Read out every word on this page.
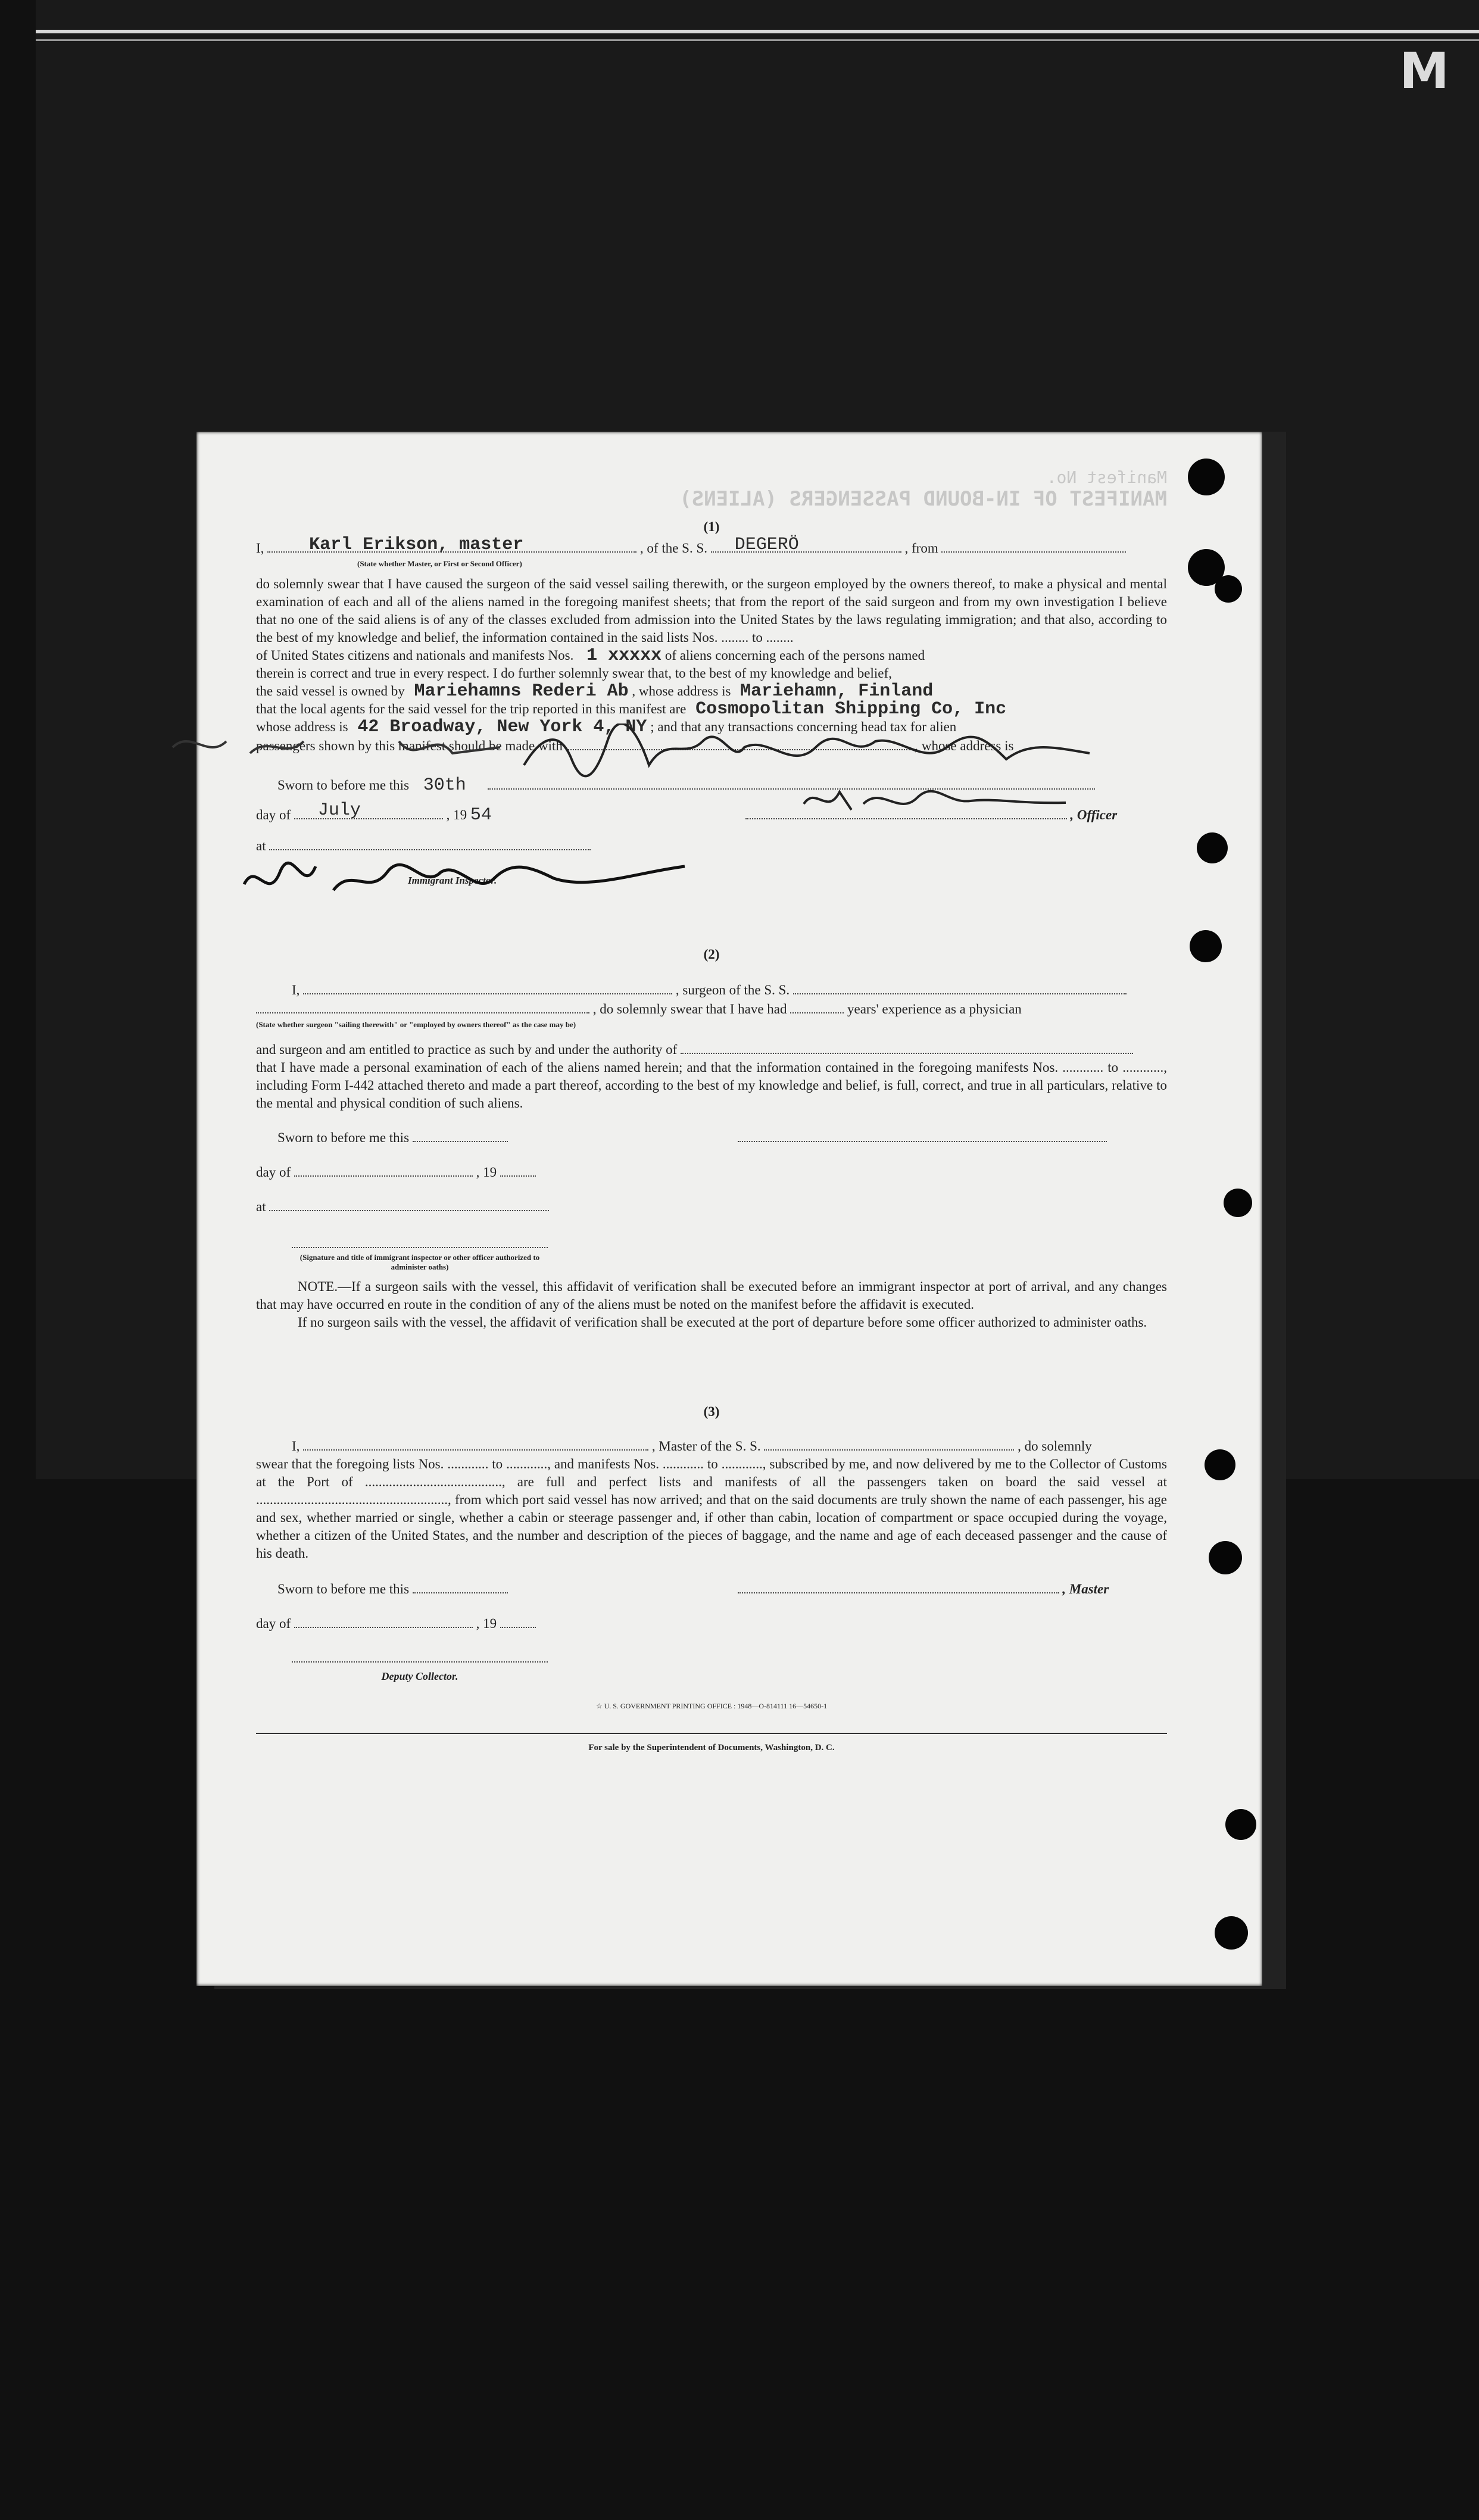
M
Manifest No.
MANIFEST OF IN-BOUND PASSENGERS (ALIENS)

(1)

I,	Karl Erikson, master	, of the S. S. DEGERÖ	, from
(State whether Master, or First or Second Officer)

do solemnly swear that I have caused the surgeon of the said vessel sailing therewith, or the surgeon employed by the owners thereof, to make a physical and mental examination of each and all of the aliens named in the foregoing manifest sheets; that from the report of the said surgeon and from my own investigation I believe that no one of the said aliens is of any of the classes excluded from admission into the United States by the laws regulating immigration; and that also, according to the best of my knowledge and belief, the information contained in the said lists Nos. ........ to ........

of United States citizens and nationals and manifests Nos. 1 xxxxx of aliens concerning each of the persons named
therein is correct and true in every respect. I do further solemnly swear that, to the best of my knowledge and belief,
the said vessel is owned by Mariehamns Rederi Ab , whose address is Mariehamn, Finland
that the local agents for the said vessel for the trip reported in this manifest are Cosmopolitan Shipping Co, Inc
whose address is 42 Broadway, New York 4, NY ; and that any transactions concerning head tax for alien
passengers shown by this manifest should be made with	, whose address is
Sworn to before me this 30th
day of July	, 19 54	, Officer
at
Immigrant Inspector.

(2)

I,	, surgeon of the S. S.
, do solemnly swear that I have had	years' experience as a physician
(State whether surgeon "sailing therewith" or "employed by owners thereof" as the case may be)
and surgeon and am entitled to practice as such by and under the authority of

that I have made a personal examination of each of the aliens named herein; and that the information contained in the foregoing manifests Nos. ............ to ............, including Form I-442 attached thereto and made a part thereof, according to the best of my knowledge and belief, is full, correct, and true in all particulars, relative to the mental and physical condition of such aliens.

Sworn to before me this
day of	, 19
at
(Signature and title of immigrant inspector or other officer authorized to administer oaths)

NOTE.—If a surgeon sails with the vessel, this affidavit of verification shall be executed before an immigrant inspector at port of arrival, and any changes that may have occurred en route in the condition of any of the aliens must be noted on the manifest before the affidavit is executed.

If no surgeon sails with the vessel, the affidavit of verification shall be executed at the port of departure before some officer authorized to administer oaths.

(3)

I,	, Master of the S. S.	, do solemnly

swear that the foregoing lists Nos. ............ to ............, and manifests Nos. ............ to ............, subscribed by me, and now delivered by me to the Collector of Customs at the Port of ........................................, are full and perfect lists and manifests of all the passengers taken on board the said vessel at ........................................................, from which port said vessel has now arrived; and that on the said documents are truly shown the name of each passenger, his age and sex, whether married or single, whether a cabin or steerage passenger and, if other than cabin, location of compartment or space occupied during the voyage, whether a citizen of the United States, and the number and description of the pieces of baggage, and the name and age of each deceased passenger and the cause of his death.

Sworn to before me this	, Master
day of	, 19
Deputy Collector.
☆ U. S. GOVERNMENT PRINTING OFFICE : 1948—O-814111 16—54650-1
For sale by the Superintendent of Documents, Washington, D. C.
